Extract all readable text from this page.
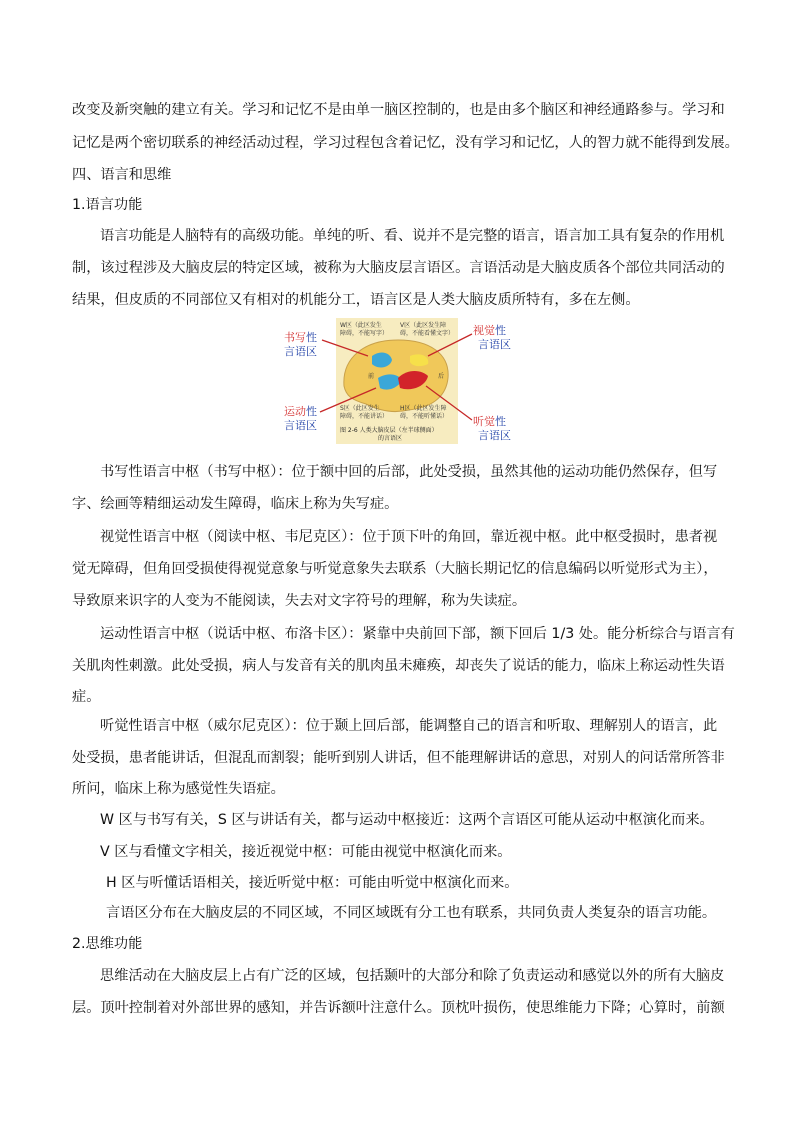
改变及新突触的建立有关。学习和记忆不是由单一脑区控制的，也是由多个脑区和神经通路参与。学习和
记忆是两个密切联系的神经活动过程，学习过程包含着记忆，没有学习和记忆，人的智力就不能得到发展。
四、语言和思维
1.语言功能
语言功能是人脑特有的高级功能。单纯的听、看、说并不是完整的语言，语言加工具有复杂的作用机
制，该过程涉及大脑皮层的特定区域，被称为大脑皮层言语区。言语活动是大脑皮质各个部位共同活动的
结果，但皮质的不同部位又有相对的机能分工，语言区是人类大脑皮质所特有，多在左侧。
书写性
言语区
视觉性
言语区
运动性
言语区	听觉性
言语区
W区（此区发生
障碍，不能写字）
V区（此区发生障
碍，不能看懂文字）
前	后
S区（此区发生
障碍，不能讲话）
H区（此区发生障
碍，不能听懂话）
图 2-6 人类大脑皮层（左半球侧面）
的言语区
书写性语言中枢（书写中枢）：位于额中回的后部，此处受损，虽然其他的运动功能仍然保存，但写
字、绘画等精细运动发生障碍，临床上称为失写症。
视觉性语言中枢（阅读中枢、韦尼克区）：位于顶下叶的角回，靠近视中枢。此中枢受损时，患者视
觉无障碍，但角回受损使得视觉意象与听觉意象失去联系（大脑长期记忆的信息编码以听觉形式为主），
导致原来识字的人变为不能阅读，失去对文字符号的理解，称为失读症。
运动性语言中枢（说话中枢、布洛卡区）：紧靠中央前回下部，额下回后 1/3 处。能分析综合与语言有
关肌肉性刺激。此处受损，病人与发音有关的肌肉虽未瘫痪，却丧失了说话的能力，临床上称运动性失语
症。
听觉性语言中枢（威尔尼克区）：位于颞上回后部，能调整自己的语言和听取、理解别人的语言，此
处受损，患者能讲话，但混乱而割裂；能听到别人讲话，但不能理解讲话的意思，对别人的问话常所答非
所问，临床上称为感觉性失语症。
W 区与书写有关，S 区与讲话有关，都与运动中枢接近：这两个言语区可能从运动中枢演化而来。
V 区与看懂文字相关，接近视觉中枢：可能由视觉中枢演化而来。
H 区与听懂话语相关，接近听觉中枢：可能由听觉中枢演化而来。
言语区分布在大脑皮层的不同区域，不同区域既有分工也有联系，共同负责人类复杂的语言功能。
2.思维功能
思维活动在大脑皮层上占有广泛的区域，包括颞叶的大部分和除了负责运动和感觉以外的所有大脑皮
层。顶叶控制着对外部世界的感知，并告诉额叶注意什么。顶枕叶损伤，使思维能力下降；心算时，前额
